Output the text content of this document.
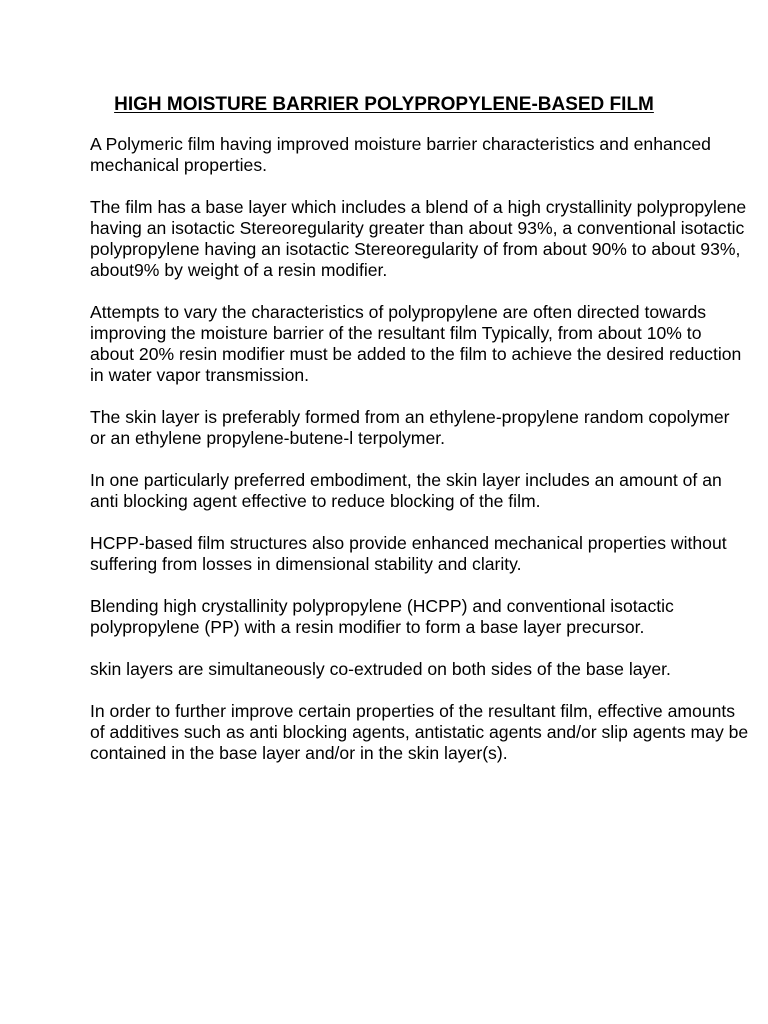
HIGH MOISTURE BARRIER POLYPROPYLENE-BASED FILM

A Polymeric film having improved moisture barrier characteristics and enhanced mechanical properties.

The film has a base layer which includes a blend of a high crystallinity polypropylene having an isotactic Stereoregularity greater than about 93%, a conventional isotactic polypropylene having an isotactic Stereoregularity of from about 90% to about 93%, about9% by weight of a resin modifier.

Attempts to vary the characteristics of polypropylene are often directed towards improving the moisture barrier of the resultant film Typically, from about 10% to about 20% resin modifier must be added to the film to achieve the desired reduction in water vapor transmission.

The skin layer is preferably formed from an ethylene-propylene random copolymer or an ethylene propylene-butene-l terpolymer.

In one particularly preferred embodiment, the skin layer includes an amount of an anti blocking agent effective to reduce blocking of the film.

HCPP-based film structures also provide enhanced mechanical properties without suffering from losses in dimensional stability and clarity.

Blending high crystallinity polypropylene (HCPP) and conventional isotactic polypropylene (PP) with a resin modifier to form a base layer precursor.

skin layers are simultaneously co-extruded on both sides of the base layer.

In order to further improve certain properties of the resultant film, effective amounts of additives such as anti blocking agents, antistatic agents and/or slip agents may be contained in the base layer and/or in the skin layer(s).
